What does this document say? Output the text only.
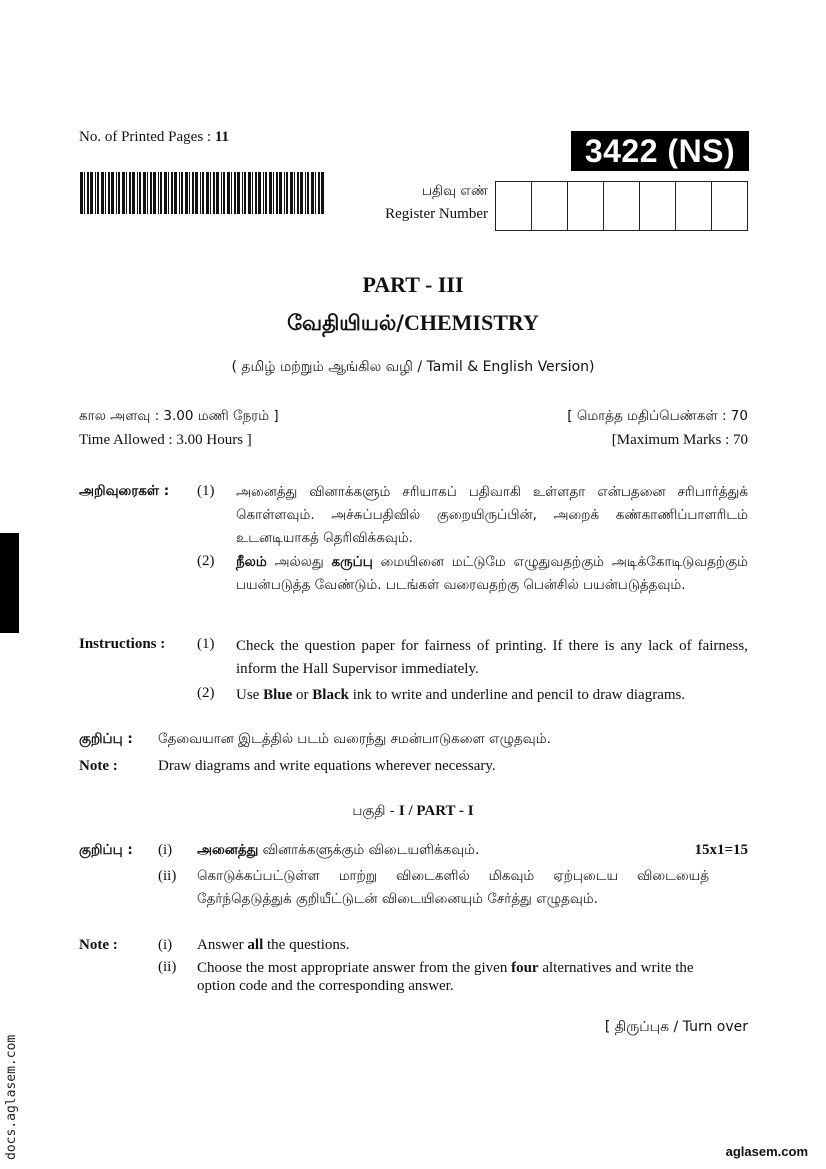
No. of Printed Pages : 11	3422 (NS)
பதிவு எண்
Register Number
PART - III
வேதியியல்/CHEMISTRY
( தமிழ் மற்றும் ஆங்கில வழி / Tamil & English Version)
கால அளவு : 3.00 மணி நேரம் ]	[ மொத்த மதிப்பெண்கள் : 70
Time Allowed : 3.00 Hours ]	[Maximum Marks : 70
அறிவுரைகள் : (1) அனைத்து வினாக்களும் சரியாகப் பதிவாகி உள்ளதா என்பதனை சரிபார்த்துக் கொள்ளவும். அச்சுப்பதிவில் குறையிருப்பின், அறைக் கண்காணிப்பாளரிடம் உடனடியாகத் தெரிவிக்கவும்.
(2) நீலம் அல்லது கருப்பு மையினை மட்டுமே எழுதுவதற்கும் அடிக்கோடிடுவதற்கும் பயன்படுத்த வேண்டும். படங்கள் வரைவதற்கு பென்சில் பயன்படுத்தவும்.
Instructions : (1) Check the question paper for fairness of printing. If there is any lack of fairness, inform the Hall Supervisor immediately.
(2) Use Blue or Black ink to write and underline and pencil to draw diagrams.
குறிப்பு : தேவையான இடத்தில் படம் வரைந்து சமன்பாடுகளை எழுதவும்.
Note :	Draw diagrams and write equations wherever necessary.
பகுதி - I / PART - I
குறிப்பு : (i) அனைத்து வினாக்களுக்கும் விடையளிக்கவும்.	15x1=15
(ii) கொடுக்கப்பட்டுள்ள மாற்று விடைகளில் மிகவும் ஏற்புடைய விடையைத் தேர்ந்தெடுத்துக் குறியீட்டுடன் விடையினையும் சேர்த்து எழுதவும்.
Note :	(i) Answer all the questions.
(ii) Choose the most appropriate answer from the given four alternatives and write the option code and the corresponding answer.
[ திருப்புக / Turn over
docs.aglasem.com	aglasem.com
